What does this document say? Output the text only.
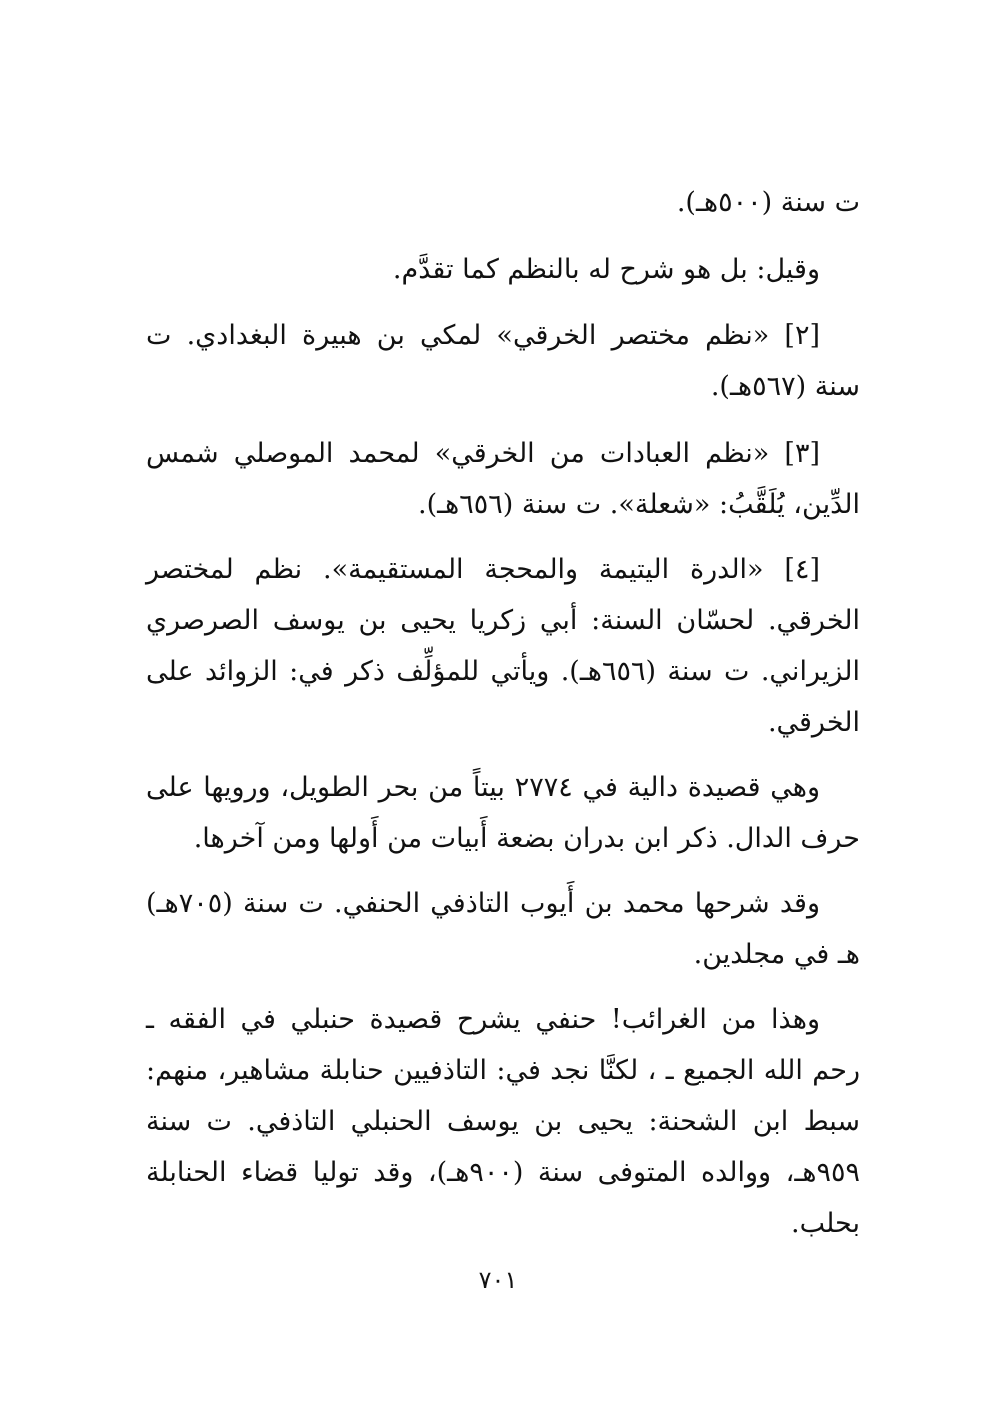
ت سنة (٥٠٠هـ).

وقيل: بل هو شرح له بالنظم كما تقدَّم.

[٢] «نظم مختصر الخرقي» لمكي بن هبيرة البغدادي. ت سنة (٥٦٧هـ).

[٣] «نظم العبادات من الخرقي» لمحمد الموصلي شمس الدِّين، يُلَقَّبُ: «شعلة». ت سنة (٦٥٦هـ).

[٤] «الدرة اليتيمة والمحجة المستقيمة». نظم لمختصر الخرقي. لحسّان السنة: أبي زكريا يحيى بن يوسف الصرصري الزيراني. ت سنة (٦٥٦هـ). ويأتي للمؤلِّف ذكر في: الزوائد على الخرقي.

وهي قصيدة دالية في ٢٧٧٤ بيتاً من بحر الطويل، ورويها على حرف الدال. ذكر ابن بدران بضعة أَبيات من أَولها ومن آخرها.

وقد شرحها محمد بن أَيوب التاذفي الحنفي. ت سنة (٧٠٥هـ) هـ في مجلدين.

وهذا من الغرائب! حنفي يشرح قصيدة حنبلي في الفقه ـ رحم الله الجميع ـ ، لكنَّا نجد في: التاذفيين حنابلة مشاهير، منهم: سبط ابن الشحنة: يحيى بن يوسف الحنبلي التاذفي. ت سنة ٩٥٩هـ، ووالده المتوفى سنة (٩٠٠هـ)، وقد توليا قضاء الحنابلة بحلب.

٧٠١
